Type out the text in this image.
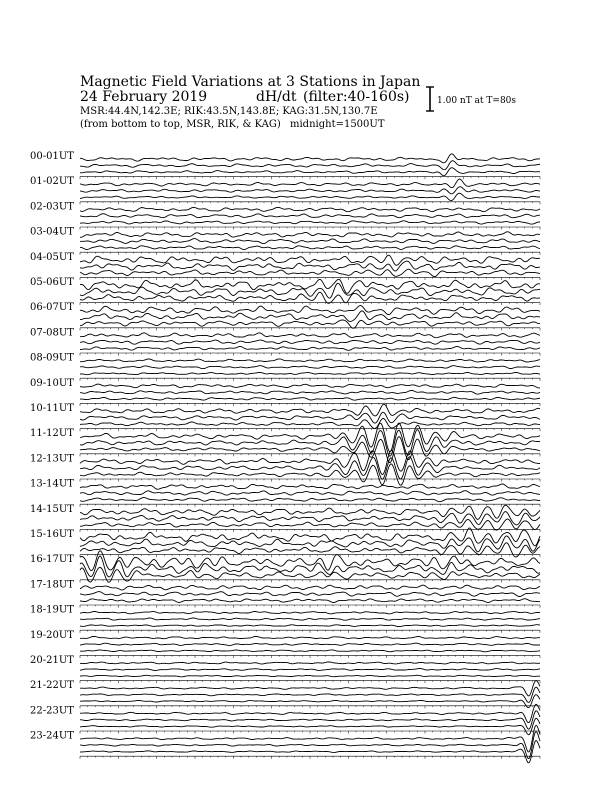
Magnetic Field Variations at 3 Stations in Japan
24 February 2019	dH/dt (filter:40-160s)
MSR:44.4N,142.3E; RIK:43.5N,143.8E; KAG:31.5N,130.7E
(from bottom to top, MSR, RIK, & KAG) midnight=1500UT
1.00 nT at T=80s
00-01UT
01-02UT
02-03UT
03-04UT
04-05UT
05-06UT
06-07UT
07-08UT
08-09UT
09-10UT
10-11UT
11-12UT
12-13UT
13-14UT
14-15UT
15-16UT
16-17UT
17-18UT
18-19UT
19-20UT
20-21UT
21-22UT
22-23UT
23-24UT
